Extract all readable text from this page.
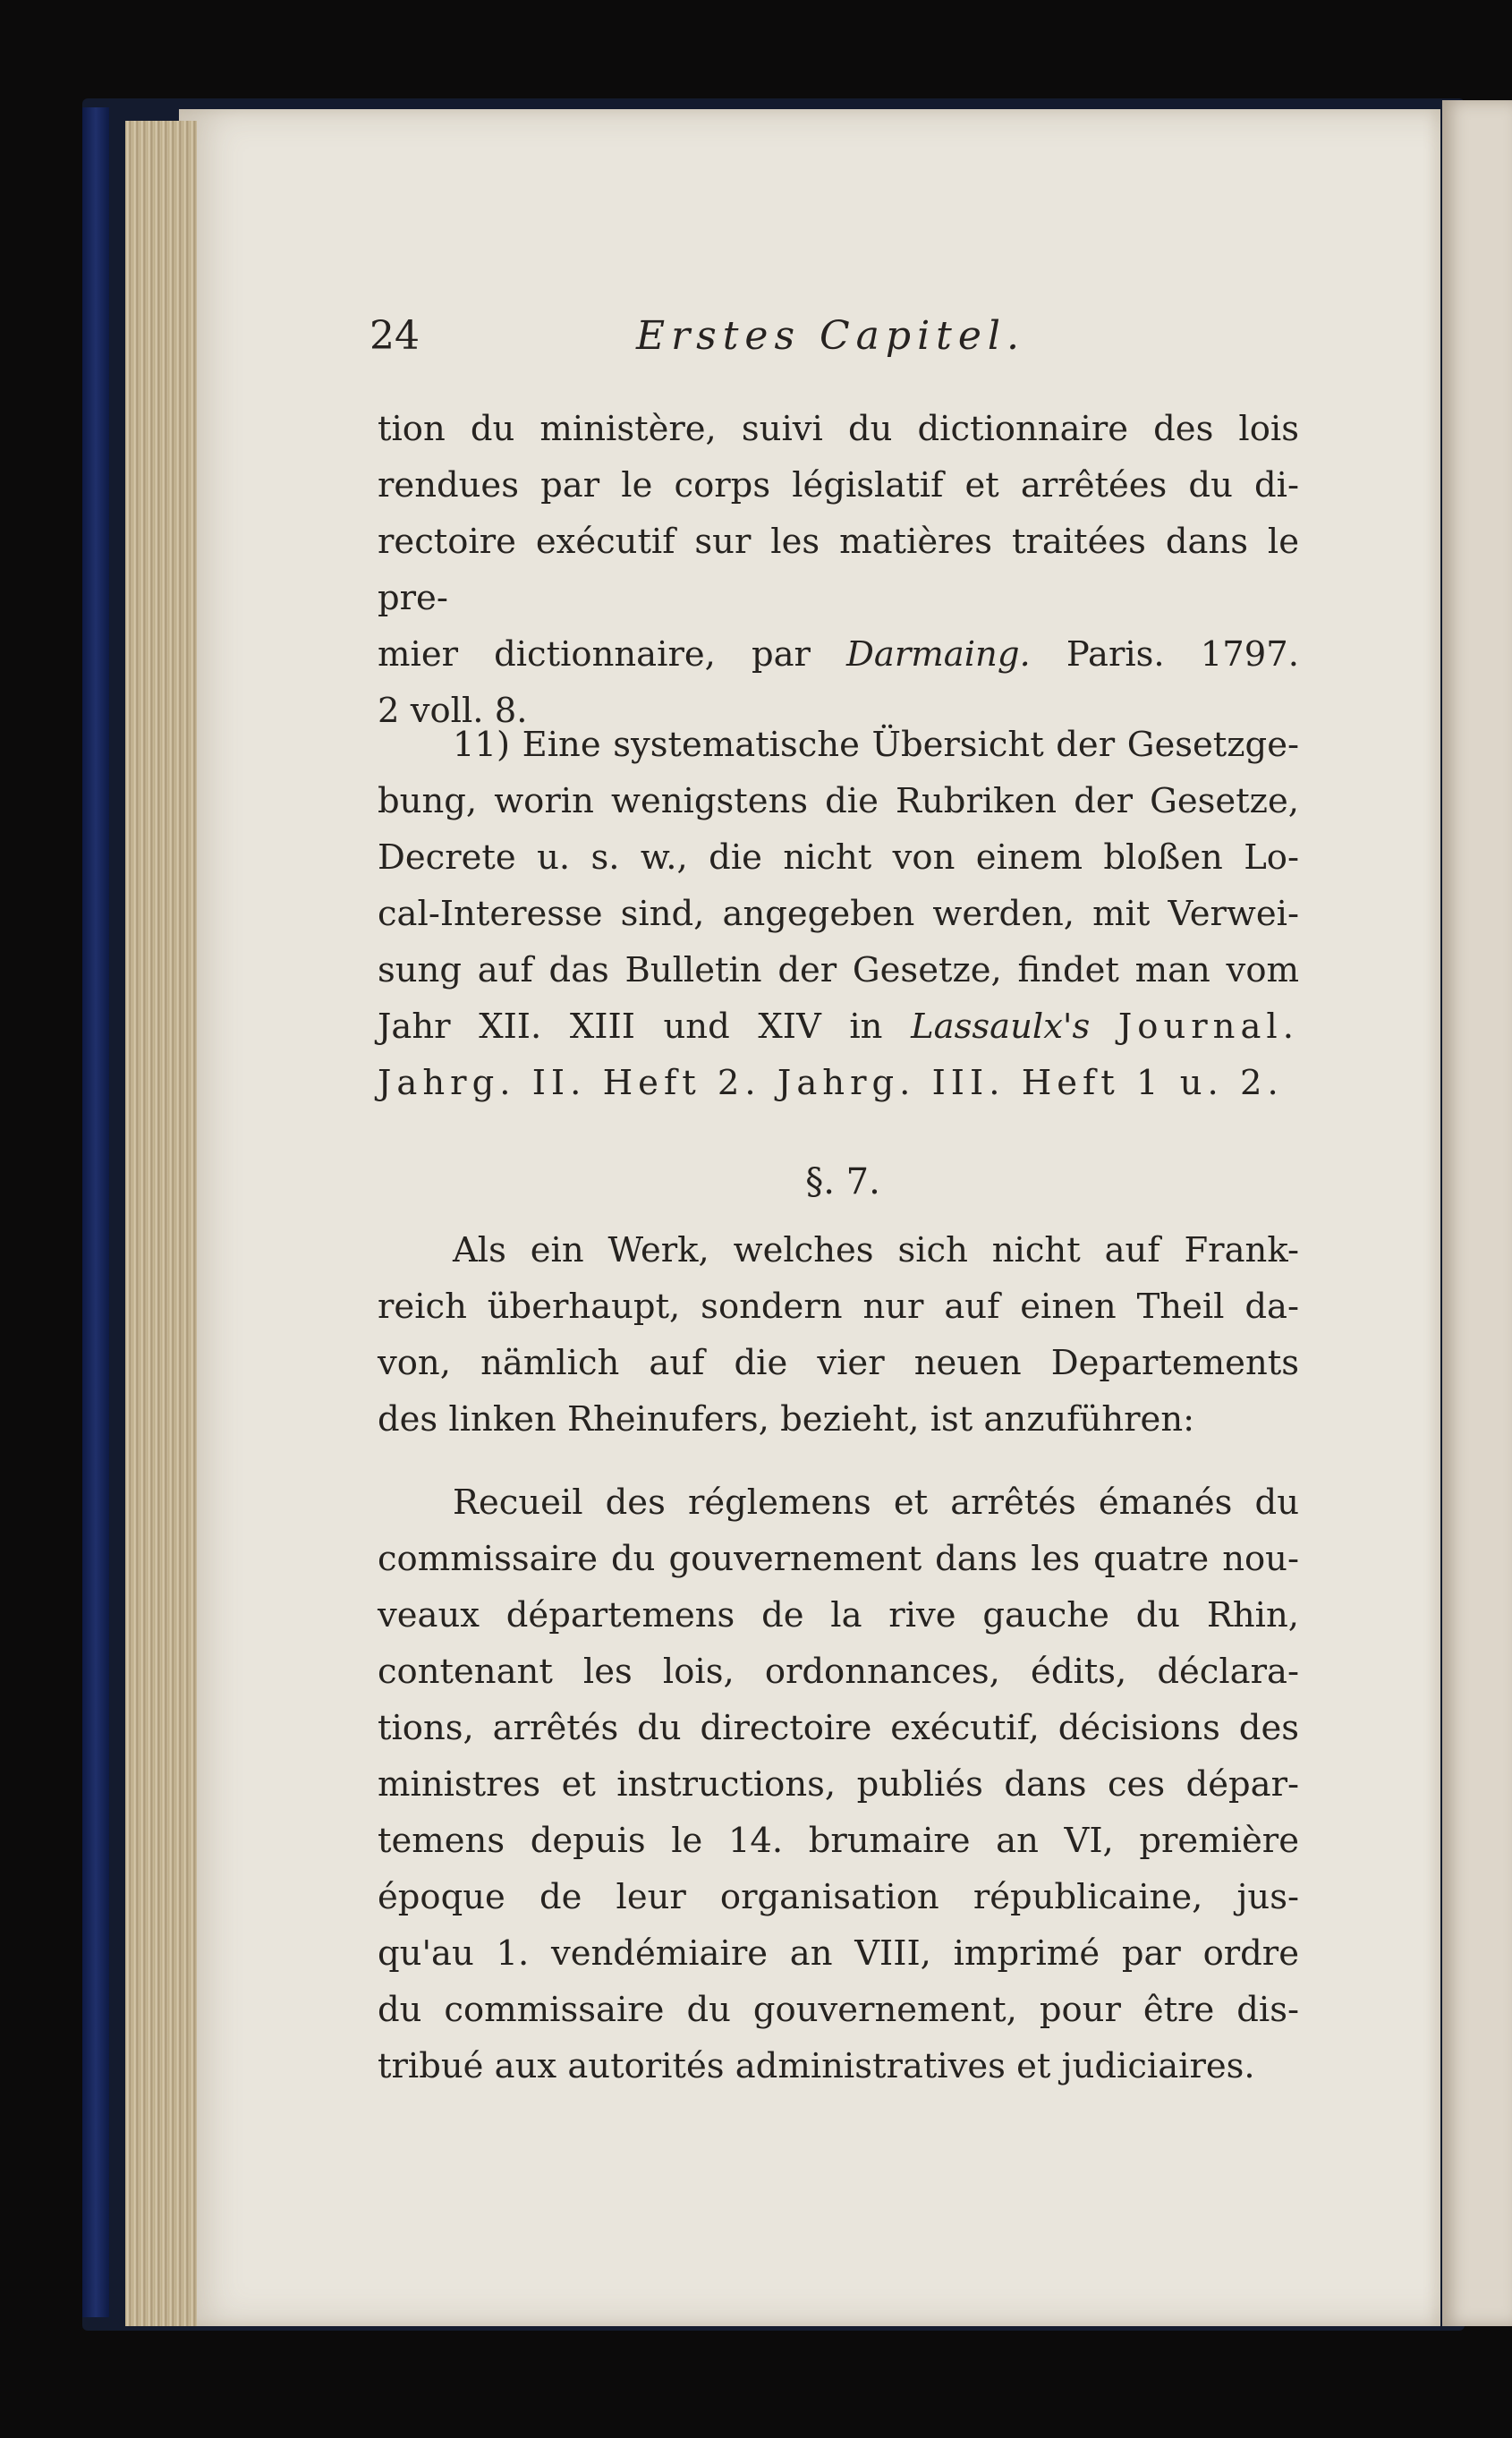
24	Erstes Capitel.

tion du ministère, suivi du dictionnaire des lois

rendues par le corps législatif et arrêtées du di-

rectoire exécutif sur les matières traitées dans le pre-

mier dictionnaire, par Darmaing. Paris. 1797.

2 voll. 8.

11) Eine systematische Übersicht der Gesetzge-

bung, worin wenigstens die Rubriken der Gesetze,

Decrete u. s. w., die nicht von einem bloßen Lo-

cal-Interesse sind, angegeben werden, mit Verwei-

sung auf das Bulletin der Gesetze, findet man vom

Jahr XII. XIII und XIV in Lassaulx's Journal.

Jahrg. II. Heft 2. Jahrg. III. Heft 1 u. 2.

§. 7.

Als ein Werk, welches sich nicht auf Frank-

reich überhaupt, sondern nur auf einen Theil da-

von, nämlich auf die vier neuen Departements

des linken Rheinufers, bezieht, ist anzuführen:

Recueil des réglemens et arrêtés émanés du

commissaire du gouvernement dans les quatre nou-

veaux départemens de la rive gauche du Rhin,

contenant les lois, ordonnances, édits, déclara-

tions, arrêtés du directoire exécutif, décisions des

ministres et instructions, publiés dans ces dépar-

temens depuis le 14. brumaire an VI, première

époque de leur organisation républicaine, jus-

qu'au 1. vendémiaire an VIII, imprimé par ordre

du commissaire du gouvernement, pour être dis-

tribué aux autorités administratives et judiciaires.
